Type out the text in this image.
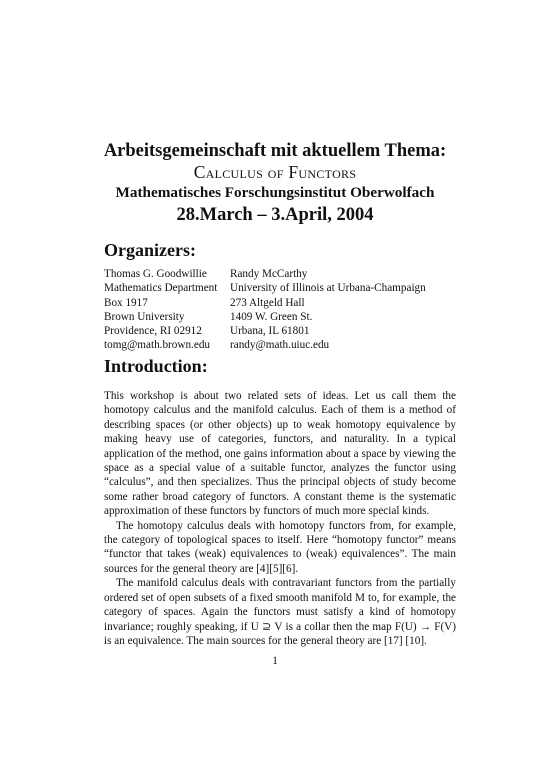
Arbeitsgemeinschaft mit aktuellem Thema:
Calculus of Functors
Mathematisches Forschungsinstitut Oberwolfach
28.March – 3.April, 2004
Organizers:
Thomas G. Goodwillie	Randy McCarthy
Mathematics Department	University of Illinois at Urbana-Champaign
Box 1917	273 Altgeld Hall
Brown University	1409 W. Green St.
Providence, RI 02912	Urbana, IL 61801
tomg@math.brown.edu	randy@math.uiuc.edu
Introduction:

This workshop is about two related sets of ideas. Let us call them the homotopy calculus and the manifold calculus. Each of them is a method of describing spaces (or other objects) up to weak homotopy equivalence by making heavy use of categories, functors, and naturality. In a typical application of the method, one gains information about a space by viewing the space as a special value of a suitable functor, analyzes the functor using “calculus”, and then specializes. Thus the principal objects of study become some rather broad category of functors. A constant theme is the systematic approximation of these functors by functors of much more special kinds.

The homotopy calculus deals with homotopy functors from, for example, the category of topological spaces to itself. Here “homotopy functor” means “functor that takes (weak) equivalences to (weak) equivalences”. The main sources for the general theory are [4][5][6].

The manifold calculus deals with contravariant functors from the partially ordered set of open subsets of a fixed smooth manifold M to, for example, the category of spaces. Again the functors must satisfy a kind of homotopy invariance; roughly speaking, if U ⊇ V is a collar then the map F(U) → F(V) is an equivalence. The main sources for the general theory are [17] [10].

1
